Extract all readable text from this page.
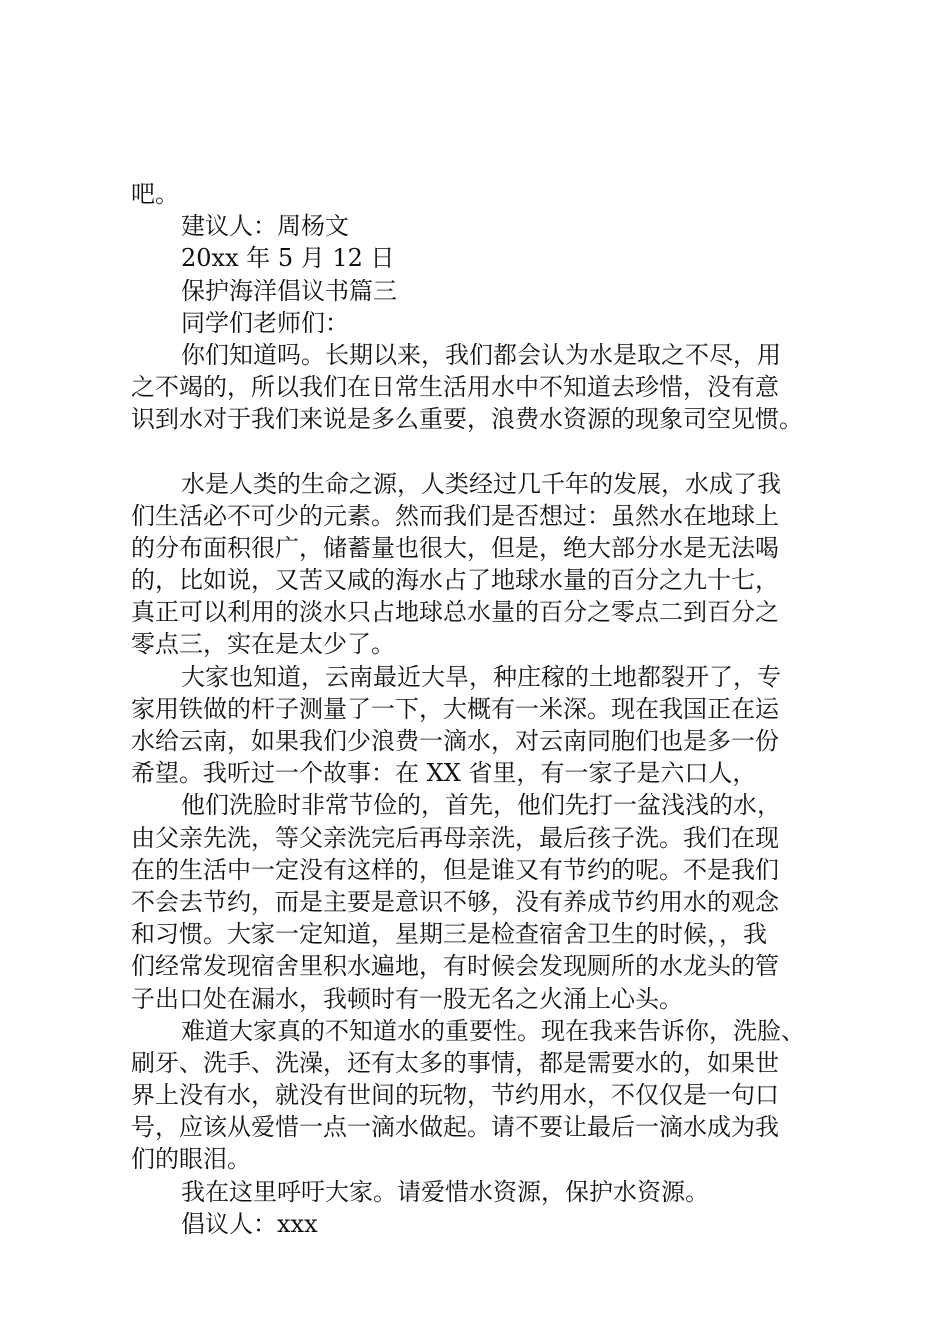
吧。
建议人：周杨文
20xx 年 5 月 12 日
保护海洋倡议书篇三
同学们老师们：
你们知道吗。长期以来，我们都会认为水是取之不尽，用
之不竭的，所以我们在日常生活用水中不知道去珍惜，没有意
识到水对于我们来说是多么重要，浪费水资源的现象司空见惯。
水是人类的生命之源，人类经过几千年的发展，水成了我
们生活必不可少的元素。然而我们是否想过：虽然水在地球上
的分布面积很广，储蓄量也很大，但是，绝大部分水是无法喝
的，比如说，又苦又咸的海水占了地球水量的百分之九十七，
真正可以利用的淡水只占地球总水量的百分之零点二到百分之
零点三，实在是太少了。
大家也知道，云南最近大旱，种庄稼的土地都裂开了，专
家用铁做的杆子测量了一下，大概有一米深。现在我国正在运
水给云南，如果我们少浪费一滴水，对云南同胞们也是多一份
希望。我听过一个故事：在 XX 省里，有一家子是六口人，
他们洗脸时非常节俭的，首先，他们先打一盆浅浅的水，
由父亲先洗，等父亲洗完后再母亲洗，最后孩子洗。我们在现
在的生活中一定没有这样的，但是谁又有节约的呢。不是我们
不会去节约，而是主要是意识不够，没有养成节约用水的观念
和习惯。大家一定知道，星期三是检查宿舍卫生的时候，，我
们经常发现宿舍里积水遍地，有时候会发现厕所的水龙头的管
子出口处在漏水，我顿时有一股无名之火涌上心头。
难道大家真的不知道水的重要性。现在我来告诉你，洗脸、
刷牙、洗手、洗澡，还有太多的事情，都是需要水的，如果世
界上没有水，就没有世间的玩物，节约用水，不仅仅是一句口
号，应该从爱惜一点一滴水做起。请不要让最后一滴水成为我
们的眼泪。
我在这里呼吁大家。请爱惜水资源，保护水资源。
倡议人：xxx
